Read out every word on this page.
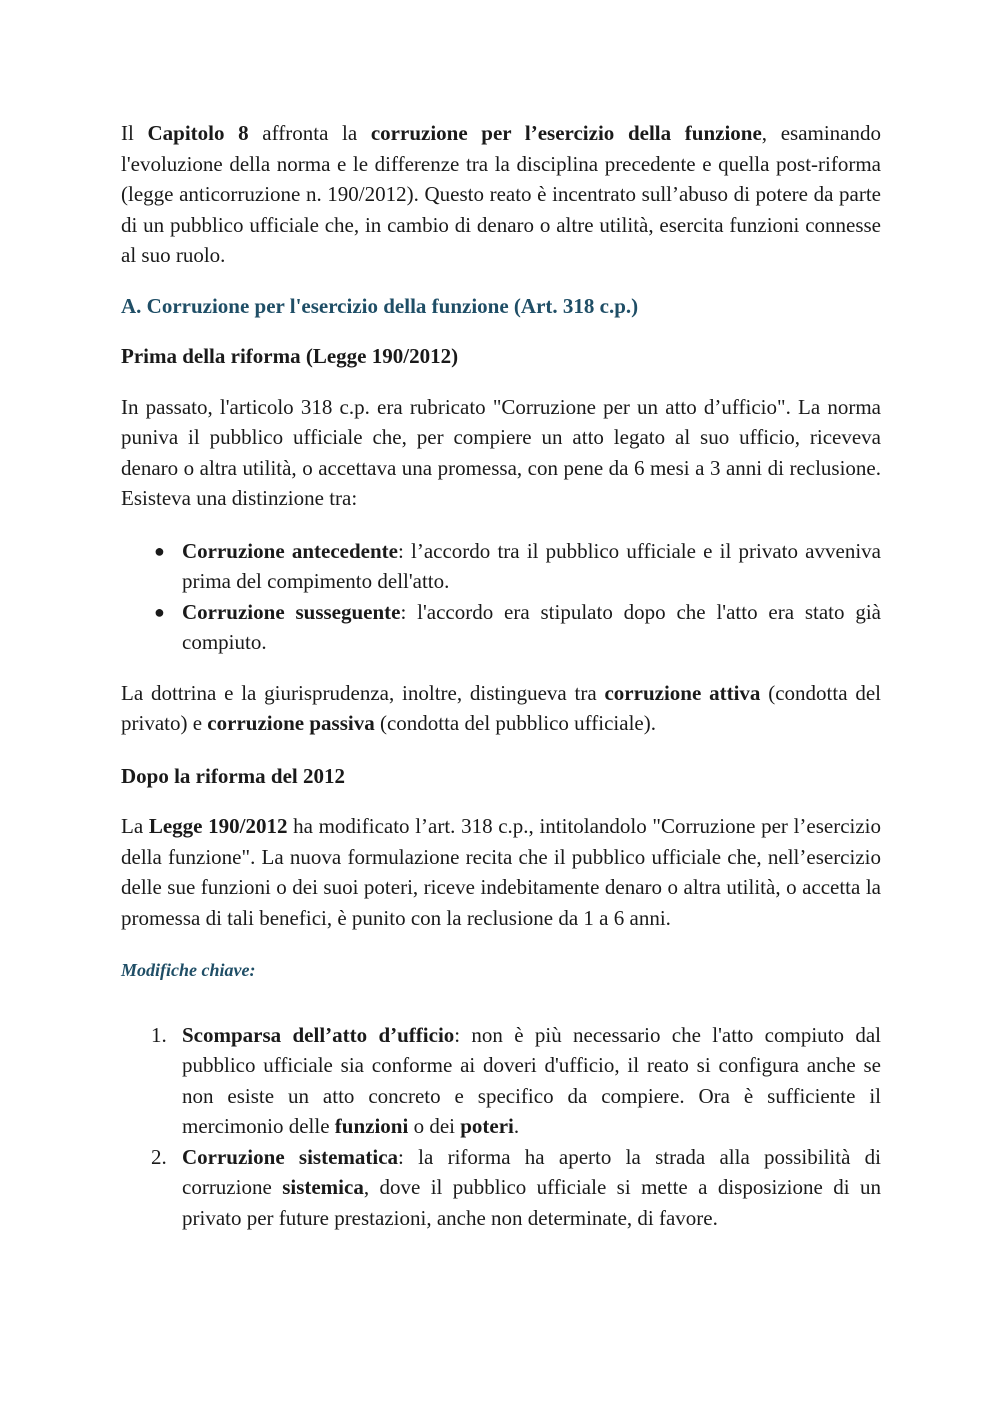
Il Capitolo 8 affronta la corruzione per l’esercizio della funzione, esaminando l'evoluzione della norma e le differenze tra la disciplina precedente e quella post-riforma (legge anticorruzione n. 190/2012). Questo reato è incentrato sull’abuso di potere da parte di un pubblico ufficiale che, in cambio di denaro o altre utilità, esercita funzioni connesse al suo ruolo.

A. Corruzione per l'esercizio della funzione (Art. 318 c.p.)

Prima della riforma (Legge 190/2012)

In passato, l'articolo 318 c.p. era rubricato "Corruzione per un atto d’ufficio". La norma puniva il pubblico ufficiale che, per compiere un atto legato al suo ufficio, riceveva denaro o altra utilità, o accettava una promessa, con pene da 6 mesi a 3 anni di reclusione. Esisteva una distinzione tra:

● Corruzione antecedente: l’accordo tra il pubblico ufficiale e il privato avveniva prima del compimento dell'atto.
● Corruzione susseguente: l'accordo era stipulato dopo che l'atto era stato già compiuto.

La dottrina e la giurisprudenza, inoltre, distingueva tra corruzione attiva (condotta del privato) e corruzione passiva (condotta del pubblico ufficiale).

Dopo la riforma del 2012

La Legge 190/2012 ha modificato l’art. 318 c.p., intitolandolo "Corruzione per l’esercizio della funzione". La nuova formulazione recita che il pubblico ufficiale che, nell’esercizio delle sue funzioni o dei suoi poteri, riceve indebitamente denaro o altra utilità, o accetta la promessa di tali benefici, è punito con la reclusione da 1 a 6 anni.

Modifiche chiave:

1. Scomparsa dell’atto d’ufficio: non è più necessario che l'atto compiuto dal pubblico ufficiale sia conforme ai doveri d'ufficio, il reato si configura anche se non esiste un atto concreto e specifico da compiere. Ora è sufficiente il mercimonio delle funzioni o dei poteri.
2. Corruzione sistematica: la riforma ha aperto la strada alla possibilità di corruzione sistemica, dove il pubblico ufficiale si mette a disposizione di un privato per future prestazioni, anche non determinate, di favore.
